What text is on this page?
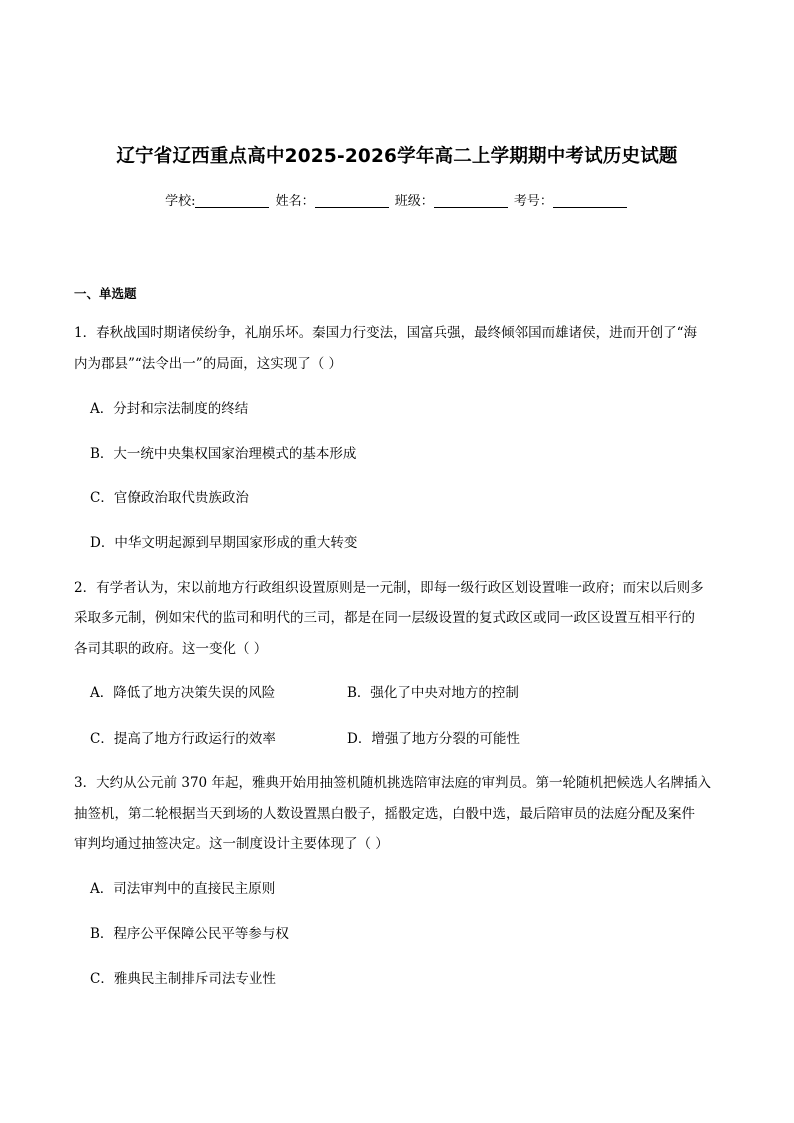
辽宁省辽西重点高中2025-2026学年高二上学期期中考试历史试题
学校:	姓名：	班级：	考号：
一、单选题
1．春秋战国时期诸侯纷争，礼崩乐坏。秦国力行变法，国富兵强，最终倾邻国而雄诸侯，进而开创了“海
内为郡县”“法令出一”的局面，这实现了（ ）
A．分封和宗法制度的终结
B．大一统中央集权国家治理模式的基本形成
C．官僚政治取代贵族政治
D．中华文明起源到早期国家形成的重大转变
2．有学者认为，宋以前地方行政组织设置原则是一元制，即每一级行政区划设置唯一政府；而宋以后则多
采取多元制，例如宋代的监司和明代的三司，都是在同一层级设置的复式政区或同一政区设置互相平行的
各司其职的政府。这一变化（ ）
A．降低了地方决策失误的风险	B．强化了中央对地方的控制
C．提高了地方行政运行的效率	D．增强了地方分裂的可能性
3．大约从公元前 370 年起，雅典开始用抽签机随机挑选陪审法庭的审判员。第一轮随机把候选人名牌插入
抽签机，第二轮根据当天到场的人数设置黑白骰子，摇骰定选，白骰中选，最后陪审员的法庭分配及案件
审判均通过抽签决定。这一制度设计主要体现了（ ）
A．司法审判中的直接民主原则
B．程序公平保障公民平等参与权
C．雅典民主制排斥司法专业性
